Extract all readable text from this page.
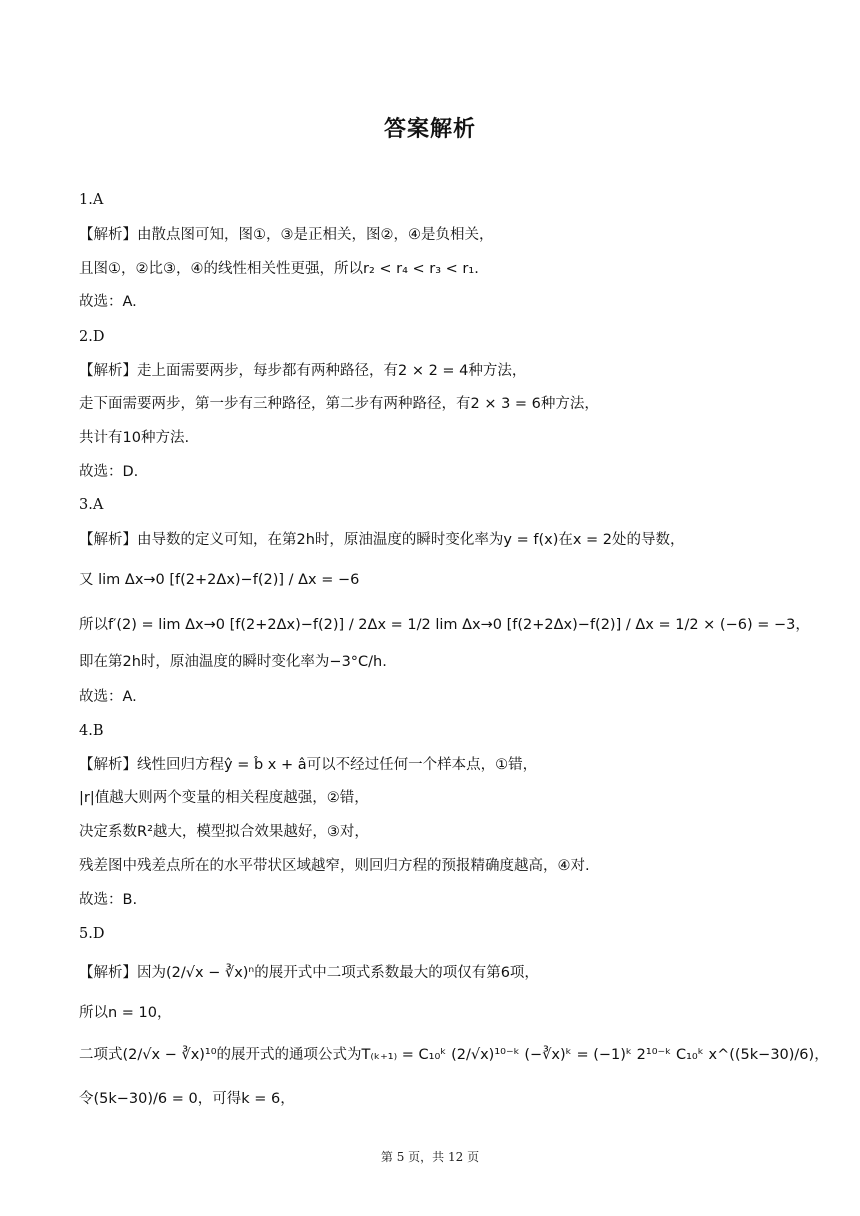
答案解析
1.A
【解析】由散点图可知，图①，③是正相关，图②，④是负相关，
且图①，②比③，④的线性相关性更强，所以r₂ < r₄ < r₃ < r₁.
故选：A.
2.D
【解析】走上面需要两步，每步都有两种路径，有2 × 2 = 4种方法，
走下面需要两步，第一步有三种路径，第二步有两种路径，有2 × 3 = 6种方法，
共计有10种方法.
故选：D.
3.A
【解析】由导数的定义可知，在第2h时，原油温度的瞬时变化率为y = f(x)在x = 2处的导数，
又 lim Δx→0 [f(2+2Δx)−f(2)] / Δx = −6
所以f′(2) = lim Δx→0 [f(2+2Δx)−f(2)] / 2Δx = 1/2 lim Δx→0 [f(2+2Δx)−f(2)] / Δx = 1/2 × (−6) = −3，
即在第2h时，原油温度的瞬时变化率为−3°C/h.
故选：A.
4.B
【解析】线性回归方程ŷ = b̂ x + â可以不经过任何一个样本点，①错，
|r|值越大则两个变量的相关程度越强，②错，
决定系数R²越大，模型拟合效果越好，③对，
残差图中残差点所在的水平带状区域越窄，则回归方程的预报精确度越高，④对.
故选：B.
5.D
【解析】因为(2/√x − ∛x)ⁿ的展开式中二项式系数最大的项仅有第6项，
所以n = 10，
二项式(2/√x − ∛x)¹⁰的展开式的通项公式为T₍ₖ₊₁₎ = C₁₀ᵏ (2/√x)¹⁰⁻ᵏ (−∛x)ᵏ = (−1)ᵏ 2¹⁰⁻ᵏ C₁₀ᵏ x^((5k−30)/6)，
令(5k−30)/6 = 0，可得k = 6，
第 5 页，共 12 页
